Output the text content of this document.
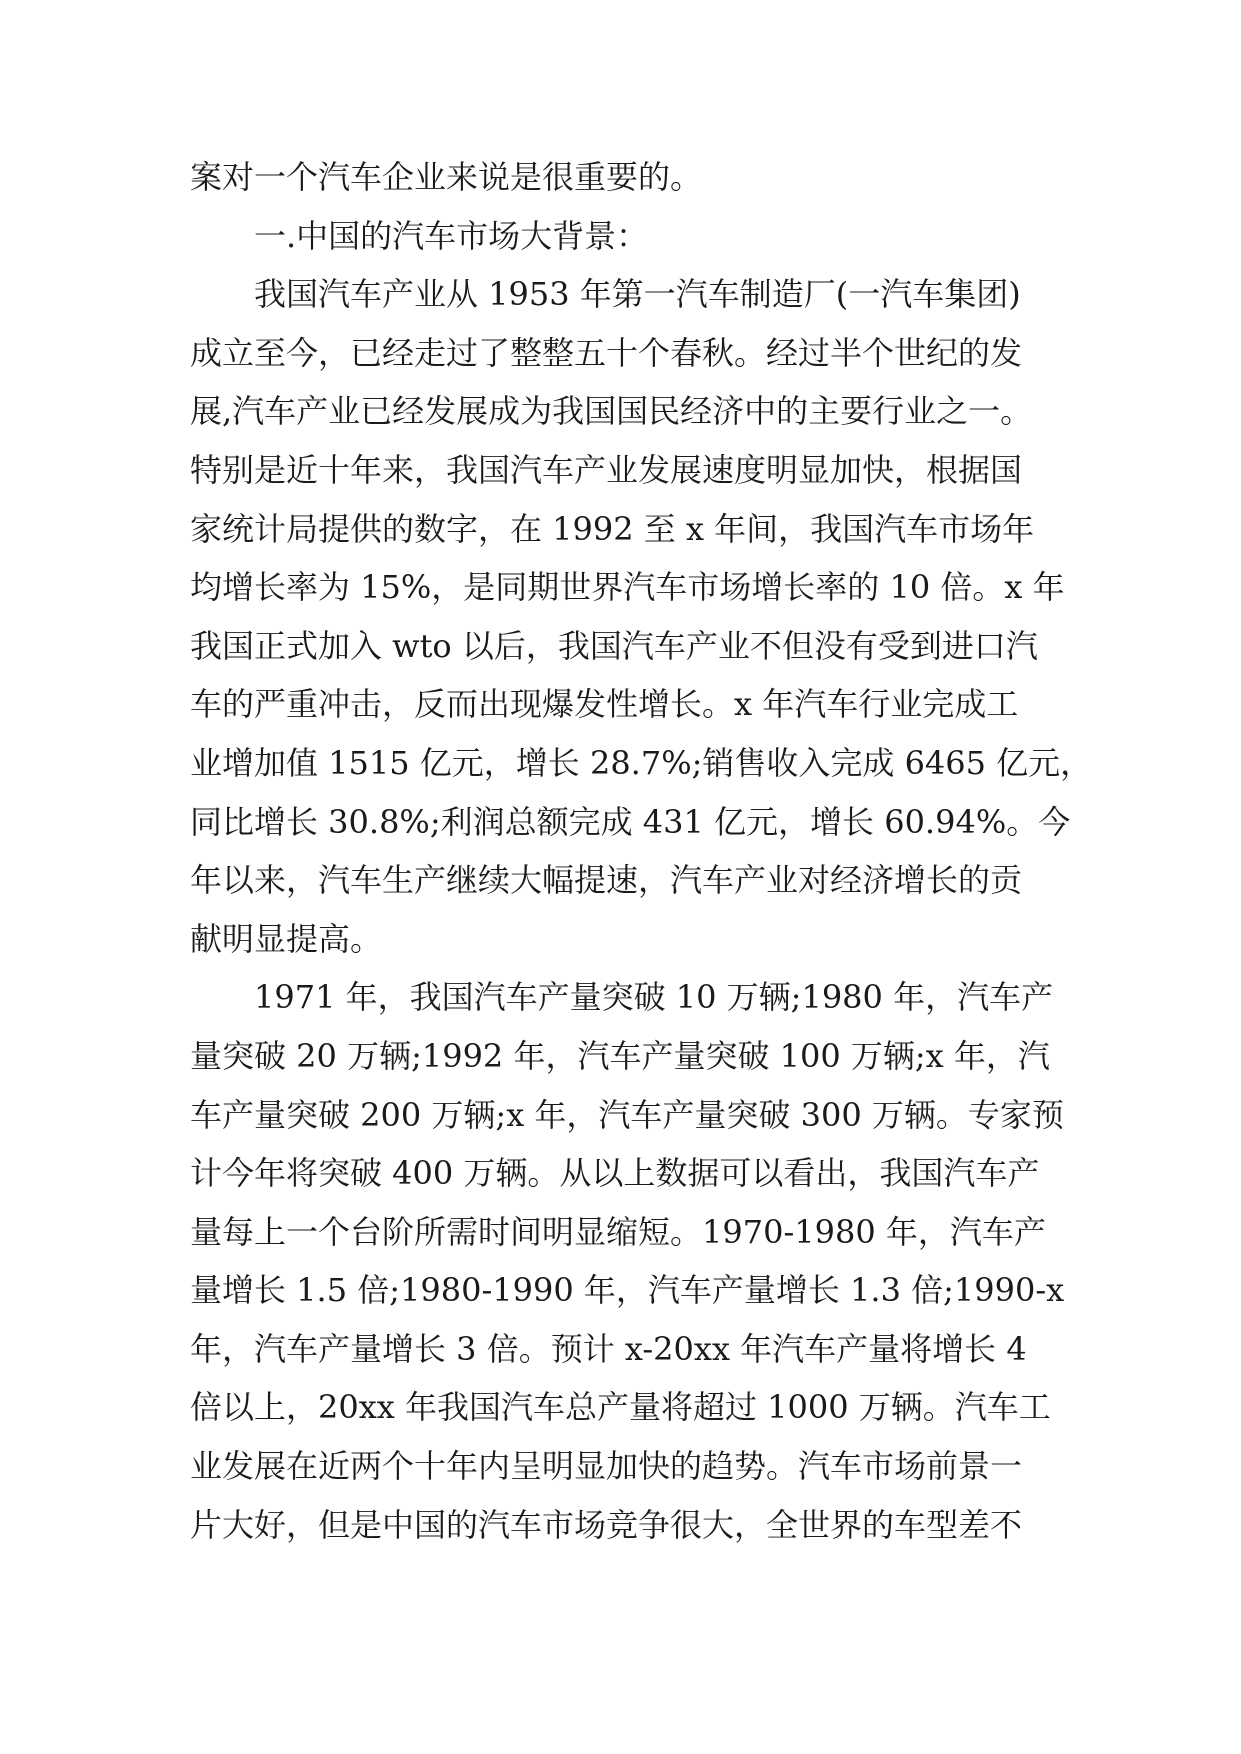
案对一个汽车企业来说是很重要的。
一.中国的汽车市场大背景：
我国汽车产业从 1953 年第一汽车制造厂(一汽车集团)
成立至今，已经走过了整整五十个春秋。经过半个世纪的发
展,汽车产业已经发展成为我国国民经济中的主要行业之一。
特别是近十年来，我国汽车产业发展速度明显加快，根据国
家统计局提供的数字，在 1992 至 x 年间，我国汽车市场年
均增长率为 15%，是同期世界汽车市场增长率的 10 倍。x 年
我国正式加入 wto 以后，我国汽车产业不但没有受到进口汽
车的严重冲击，反而出现爆发性增长。x 年汽车行业完成工
业增加值 1515 亿元，增长 28.7%;销售收入完成 6465 亿元，
同比增长 30.8%;利润总额完成 431 亿元，增长 60.94%。今
年以来，汽车生产继续大幅提速，汽车产业对经济增长的贡
献明显提高。
1971 年，我国汽车产量突破 10 万辆;1980 年，汽车产
量突破 20 万辆;1992 年，汽车产量突破 100 万辆;x 年，汽
车产量突破 200 万辆;x 年，汽车产量突破 300 万辆。专家预
计今年将突破 400 万辆。从以上数据可以看出，我国汽车产
量每上一个台阶所需时间明显缩短。1970-1980 年，汽车产
量增长 1.5 倍;1980-1990 年，汽车产量增长 1.3 倍;1990-x
年，汽车产量增长 3 倍。预计 x-20xx 年汽车产量将增长 4
倍以上，20xx 年我国汽车总产量将超过 1000 万辆。汽车工
业发展在近两个十年内呈明显加快的趋势。汽车市场前景一
片大好，但是中国的汽车市场竞争很大，全世界的车型差不
